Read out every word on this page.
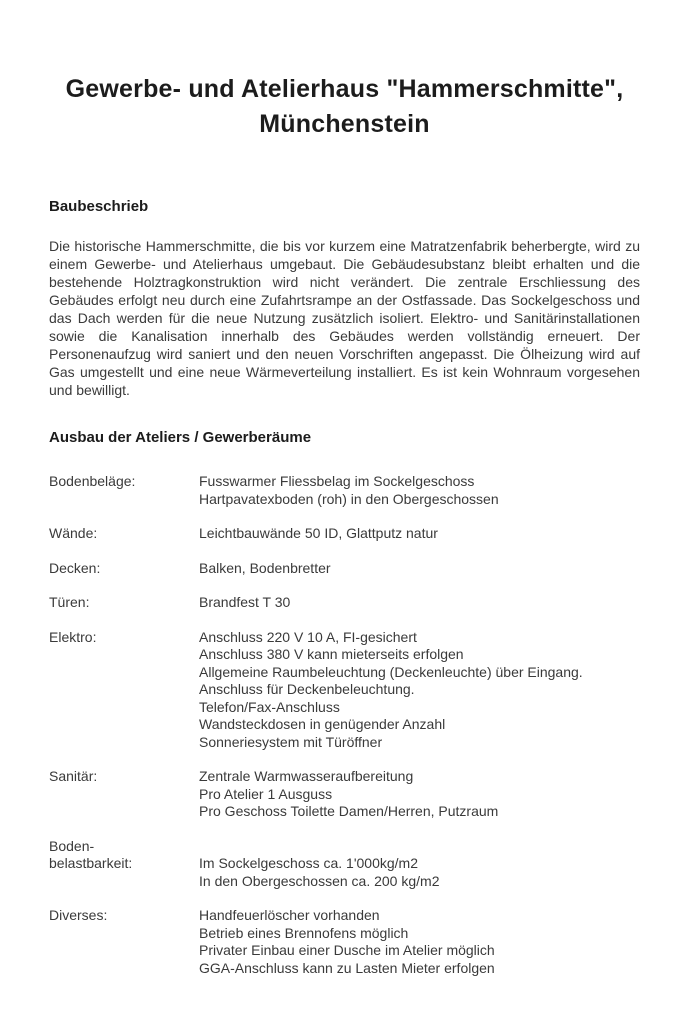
Gewerbe- und Atelierhaus "Hammerschmitte",
Münchenstein
Baubeschrieb

Die historische Hammerschmitte, die bis vor kurzem eine Matratzenfabrik beherbergte, wird zu einem Gewerbe- und Atelierhaus umgebaut. Die Gebäudesubstanz bleibt erhalten und die bestehende Holztragkonstruktion wird nicht verändert. Die zentrale Erschliessung des Gebäudes erfolgt neu durch eine Zufahrtsrampe an der Ostfassade. Das Sockelgeschoss und das Dach werden für die neue Nutzung zusätzlich isoliert. Elektro- und Sanitärinstallationen sowie die Kanalisation innerhalb des Gebäudes werden vollständig erneuert. Der Personenaufzug wird saniert und den neuen Vorschriften angepasst. Die Ölheizung wird auf Gas umgestellt und eine neue Wärmeverteilung installiert. Es ist kein Wohnraum vorgesehen und bewilligt.

Ausbau der Ateliers / Gewerberäume
Bodenbeläge:	Fusswarmer Fliessbelag im Sockelgeschoss
Hartpavatexboden (roh) in den Obergeschossen
Wände:	Leichtbauwände 50 ID, Glattputz natur
Decken:	Balken, Bodenbretter
Türen:	Brandfest T 30
Elektro:	Anschluss 220 V 10 A, FI-gesichert
Anschluss 380 V kann mieterseits erfolgen
Allgemeine Raumbeleuchtung (Deckenleuchte) über Eingang.
Anschluss für Deckenbeleuchtung.
Telefon/Fax-Anschluss
Wandsteckdosen in genügender Anzahl
Sonneriesystem mit Türöffner
Sanitär:	Zentrale Warmwasseraufbereitung
Pro Atelier 1 Ausguss
Pro Geschoss Toilette Damen/Herren, Putzraum
Boden-
belastbarkeit:	Im Sockelgeschoss ca. 1'000kg/m2
In den Obergeschossen ca. 200 kg/m2
Diverses:	Handfeuerlöscher vorhanden
Betrieb eines Brennofens möglich
Privater Einbau einer Dusche im Atelier möglich
GGA-Anschluss kann zu Lasten Mieter erfolgen
